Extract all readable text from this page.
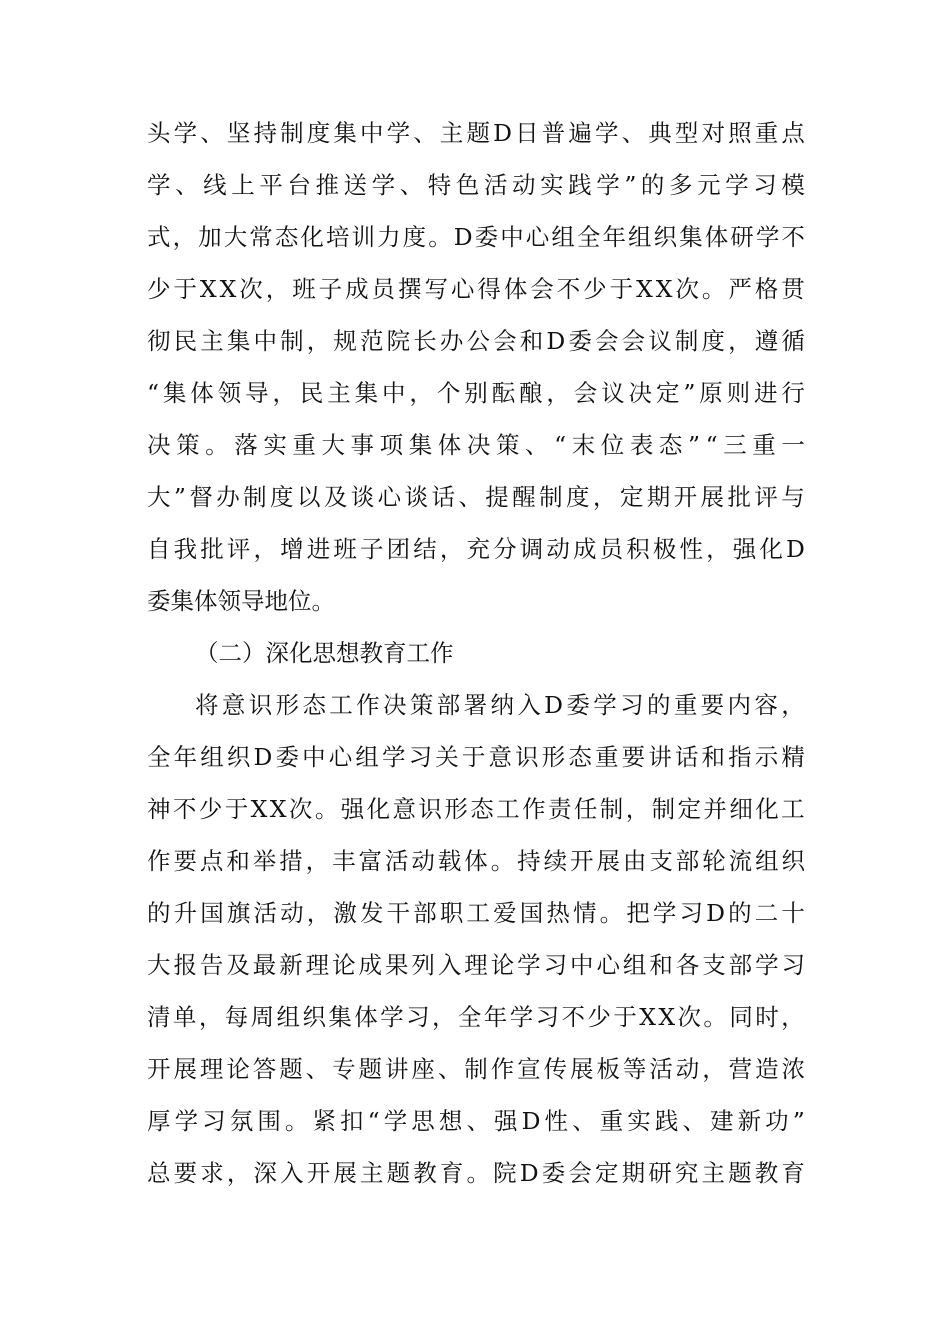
头 学 、 坚 持 制 度 集 中 学 、 主 题 D 日 普 遍 学 、 典 型 对 照 重 点
学 、 线 上 平 台 推 送 学 、 特 色 活 动 实 践 学 ” 的 多 元 学 习 模
式 ， 加 大 常 态 化 培 训 力 度 。 D 委 中 心 组 全 年 组 织 集 体 研 学 不
少 于 X X 次 ， 班 子 成 员 撰 写 心 得 体 会 不 少 于 X X 次 。 严 格 贯
彻 民 主 集 中 制 ， 规 范 院 长 办 公 会 和 D 委 会 会 议 制 度 ， 遵 循
“ 集 体 领 导 ， 民 主 集 中 ， 个 别 酝 酿 ， 会 议 决 定 ” 原 则 进 行
决 策 。 落 实 重 大 事 项 集 体 决 策 、 “ 末 位 表 态 ” “ 三 重 一
大 ” 督 办 制 度 以 及 谈 心 谈 话 、 提 醒 制 度 ， 定 期 开 展 批 评 与
自 我 批 评 ， 增 进 班 子 团 结 ， 充 分 调 动 成 员 积 极 性 ， 强 化 D
委集体领导地位。
（二）深化思想教育工作
将 意 识 形 态 工 作 决 策 部 署 纳 入 D 委 学 习 的 重 要 内 容 ，
全 年 组 织 D 委 中 心 组 学 习 关 于 意 识 形 态 重 要 讲 话 和 指 示 精
神 不 少 于 X X 次 。 强 化 意 识 形 态 工 作 责 任 制 ， 制 定 并 细 化 工
作 要 点 和 举 措 ， 丰 富 活 动 载 体 。 持 续 开 展 由 支 部 轮 流 组 织
的 升 国 旗 活 动 ， 激 发 干 部 职 工 爱 国 热 情 。 把 学 习 D 的 二 十
大 报 告 及 最 新 理 论 成 果 列 入 理 论 学 习 中 心 组 和 各 支 部 学 习
清 单 ， 每 周 组 织 集 体 学 习 ， 全 年 学 习 不 少 于 X X 次 。 同 时 ，
开 展 理 论 答 题 、 专 题 讲 座 、 制 作 宣 传 展 板 等 活 动 ， 营 造 浓
厚 学 习 氛 围 。 紧 扣 “ 学 思 想 、 强 D 性 、 重 实 践 、 建 新 功 ”
总 要 求 ， 深 入 开 展 主 题 教 育 。 院 D 委 会 定 期 研 究 主 题 教 育
